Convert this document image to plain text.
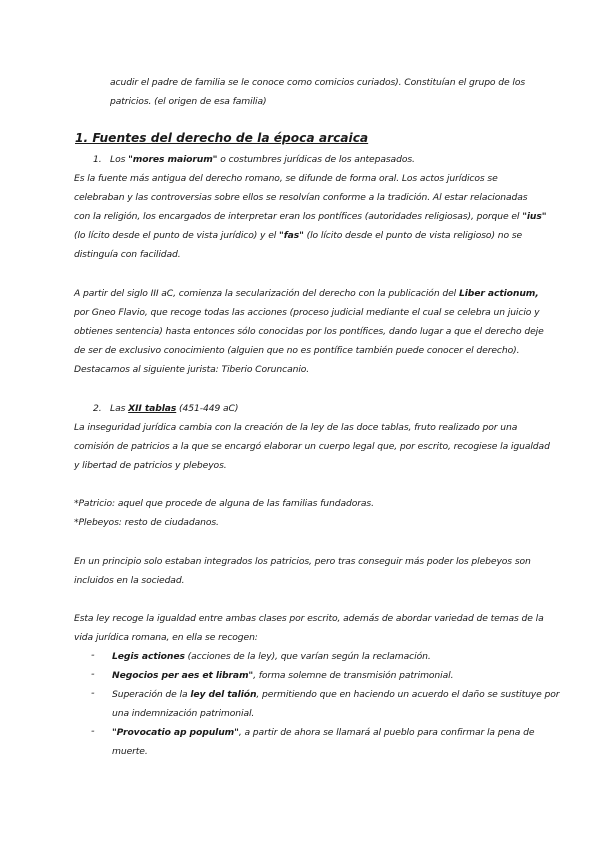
acudir el padre de familia se le conoce como comicios curiados). Constituían el grupo de los
patricios. (el origen de esa familia)
1. Fuentes del derecho de la época arcaica
1. Los "mores maiorum" o costumbres jurídicas de los antepasados.
Es la fuente más antigua del derecho romano, se difunde de forma oral. Los actos jurídicos se
celebraban y las controversias sobre ellos se resolvían conforme a la tradición. Al estar relacionadas
con la religión, los encargados de interpretar eran los pontífices (autoridades religiosas), porque el "ius"
(lo lícito desde el punto de vista jurídico) y el "fas" (lo lícito desde el punto de vista religioso) no se
distinguía con facilidad.
A partir del siglo III aC, comienza la secularización del derecho con la publicación del Liber actionum,
por Gneo Flavio, que recoge todas las acciones (proceso judicial mediante el cual se celebra un juicio y
obtienes sentencia) hasta entonces sólo conocidas por los pontífices, dando lugar a que el derecho deje
de ser de exclusivo conocimiento (alguien que no es pontífice también puede conocer el derecho).
Destacamos al siguiente jurista: Tiberio Coruncanio.
2. Las XII tablas (451-449 aC)
La inseguridad jurídica cambia con la creación de la ley de las doce tablas, fruto realizado por una
comisión de patricios a la que se encargó elaborar un cuerpo legal que, por escrito, recogiese la igualdad
y libertad de patricios y plebeyos.
*Patricio: aquel que procede de alguna de las familias fundadoras.
*Plebeyos: resto de ciudadanos.
En un principio solo estaban integrados los patricios, pero tras conseguir más poder los plebeyos son
incluidos en la sociedad.
Esta ley recoge la igualdad entre ambas clases por escrito, además de abordar variedad de temas de la
vida jurídica romana, en ella se recogen:
- Legis actiones (acciones de la ley), que varían según la reclamación.
- Negocios per aes et libram", forma solemne de transmisión patrimonial.
- Superación de la ley del talión, permitiendo que en haciendo un acuerdo el daño se sustituye por
una indemnización patrimonial.
- "Provocatio ap populum", a partir de ahora se llamará al pueblo para confirmar la pena de
muerte.
